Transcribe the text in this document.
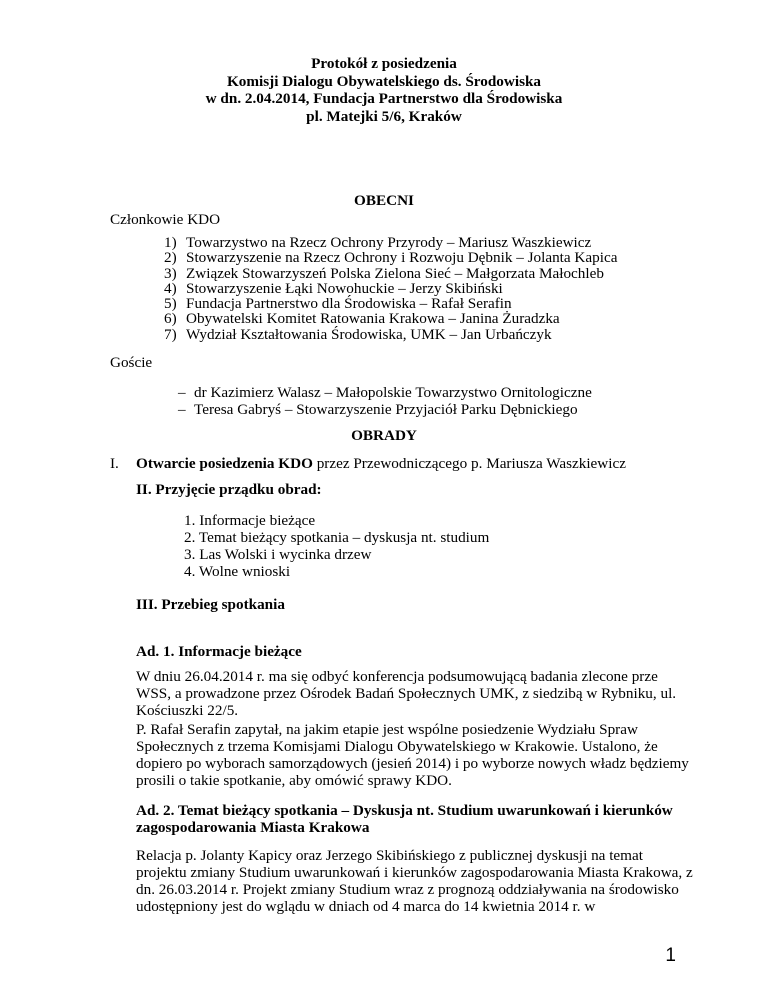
Protokół z posiedzenia
Komisji Dialogu Obywatelskiego ds. Środowiska
w dn. 2.04.2014, Fundacja Partnerstwo dla Środowiska
pl. Matejki 5/6, Kraków
OBECNI
Członkowie KDO
1) Towarzystwo na Rzecz Ochrony Przyrody – Mariusz Waszkiewicz
2) Stowarzyszenie na Rzecz Ochrony i Rozwoju Dębnik – Jolanta Kapica
3) Związek Stowarzyszeń Polska Zielona Sieć – Małgorzata Małochleb
4) Stowarzyszenie Łąki Nowohuckie – Jerzy Skibiński
5) Fundacja Partnerstwo dla Środowiska – Rafał Serafin
6) Obywatelski Komitet Ratowania Krakowa – Janina Żuradzka
7) Wydział Kształtowania Środowiska, UMK – Jan Urbańczyk
Goście
– dr Kazimierz Walasz – Małopolskie Towarzystwo Ornitologiczne
– Teresa Gabryś – Stowarzyszenie Przyjaciół Parku Dębnickiego
OBRADY
I. Otwarcie posiedzenia KDO przez Przewodniczącego p. Mariusza Waszkiewicz
II. Przyjęcie prządku obrad:
1. Informacje bieżące
2. Temat bieżący spotkania – dyskusja nt. studium
3. Las Wolski i wycinka drzew
4. Wolne wnioski
III. Przebieg spotkania
Ad. 1. Informacje bieżące
W dniu 26.04.2014 r. ma się odbyć konferencja podsumowującą badania zlecone prze WSS, a prowadzone przez Ośrodek Badań Społecznych UMK, z siedzibą w Rybniku, ul. Kościuszki 22/5.
P. Rafał Serafin zapytał, na jakim etapie jest wspólne posiedzenie Wydziału Spraw Społecznych z trzema Komisjami Dialogu Obywatelskiego w Krakowie. Ustalono, że dopiero po wyborach samorządowych (jesień 2014) i po wyborze nowych władz będziemy prosili o takie spotkanie, aby omówić sprawy KDO.
Ad. 2. Temat bieżący spotkania – Dyskusja nt. Studium uwarunkowań i kierunków zagospodarowania Miasta Krakowa
Relacja p. Jolanty Kapicy oraz Jerzego Skibińskiego z publicznej dyskusji na temat projektu zmiany Studium uwarunkowań i kierunków zagospodarowania Miasta Krakowa, z dn. 26.03.2014 r. Projekt zmiany Studium wraz z prognozą oddziaływania na środowisko udostępniony jest do wglądu w dniach od 4 marca do 14 kwietnia 2014 r. w
1
